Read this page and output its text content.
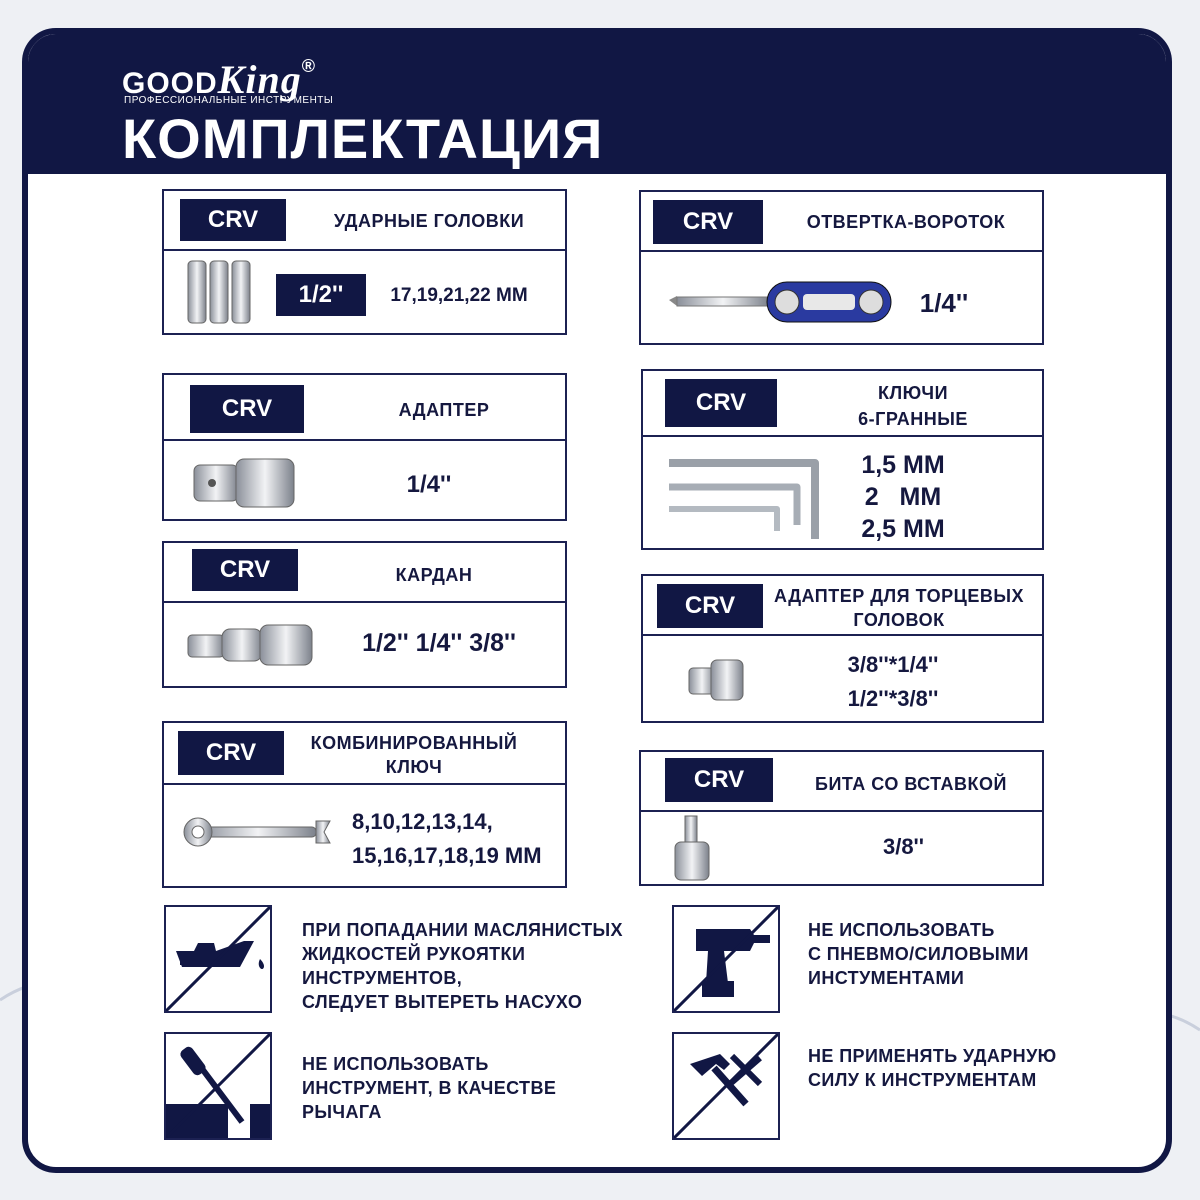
GOODKing®
ПРОФЕССИОНАЛЬНЫЕ ИНСТРУМЕНТЫ
КОМПЛЕКТАЦИЯ
CRV	УДАРНЫЕ ГОЛОВКИ
1/2''	17,19,21,22 ММ
CRV	АДАПТЕР
1/4''
CRV	КАРДАН
1/2'' 1/4'' 3/8''
CRV	КОМБИНИРОВАННЫЙ
КЛЮЧ
8,10,12,13,14,
15,16,17,18,19 ММ
CRV	ОТВЕРТКА-ВОРОТОК
1/4''
CRV	КЛЮЧИ
6-ГРАННЫЕ
1,5 ММ
2   ММ
2,5 ММ
CRV	АДАПТЕР ДЛЯ ТОРЦЕВЫХ
ГОЛОВОК
3/8''*1/4''
1/2''*3/8''
CRV	БИТА СО ВСТАВКОЙ
3/8''
ПРИ ПОПАДАНИИ МАСЛЯНИСТЫХ
ЖИДКОСТЕЙ РУКОЯТКИ
ИНСТРУМЕНТОВ,
СЛЕДУЕТ ВЫТЕРЕТЬ НАСУХО
НЕ ИСПОЛЬЗОВАТЬ
ИНСТРУМЕНТ, В КАЧЕСТВЕ
РЫЧАГА
НЕ ИСПОЛЬЗОВАТЬ
С ПНЕВМО/СИЛОВЫМИ
ИНСТУМЕНТАМИ
НЕ ПРИМЕНЯТЬ УДАРНУЮ
СИЛУ К ИНСТРУМЕНТАМ
